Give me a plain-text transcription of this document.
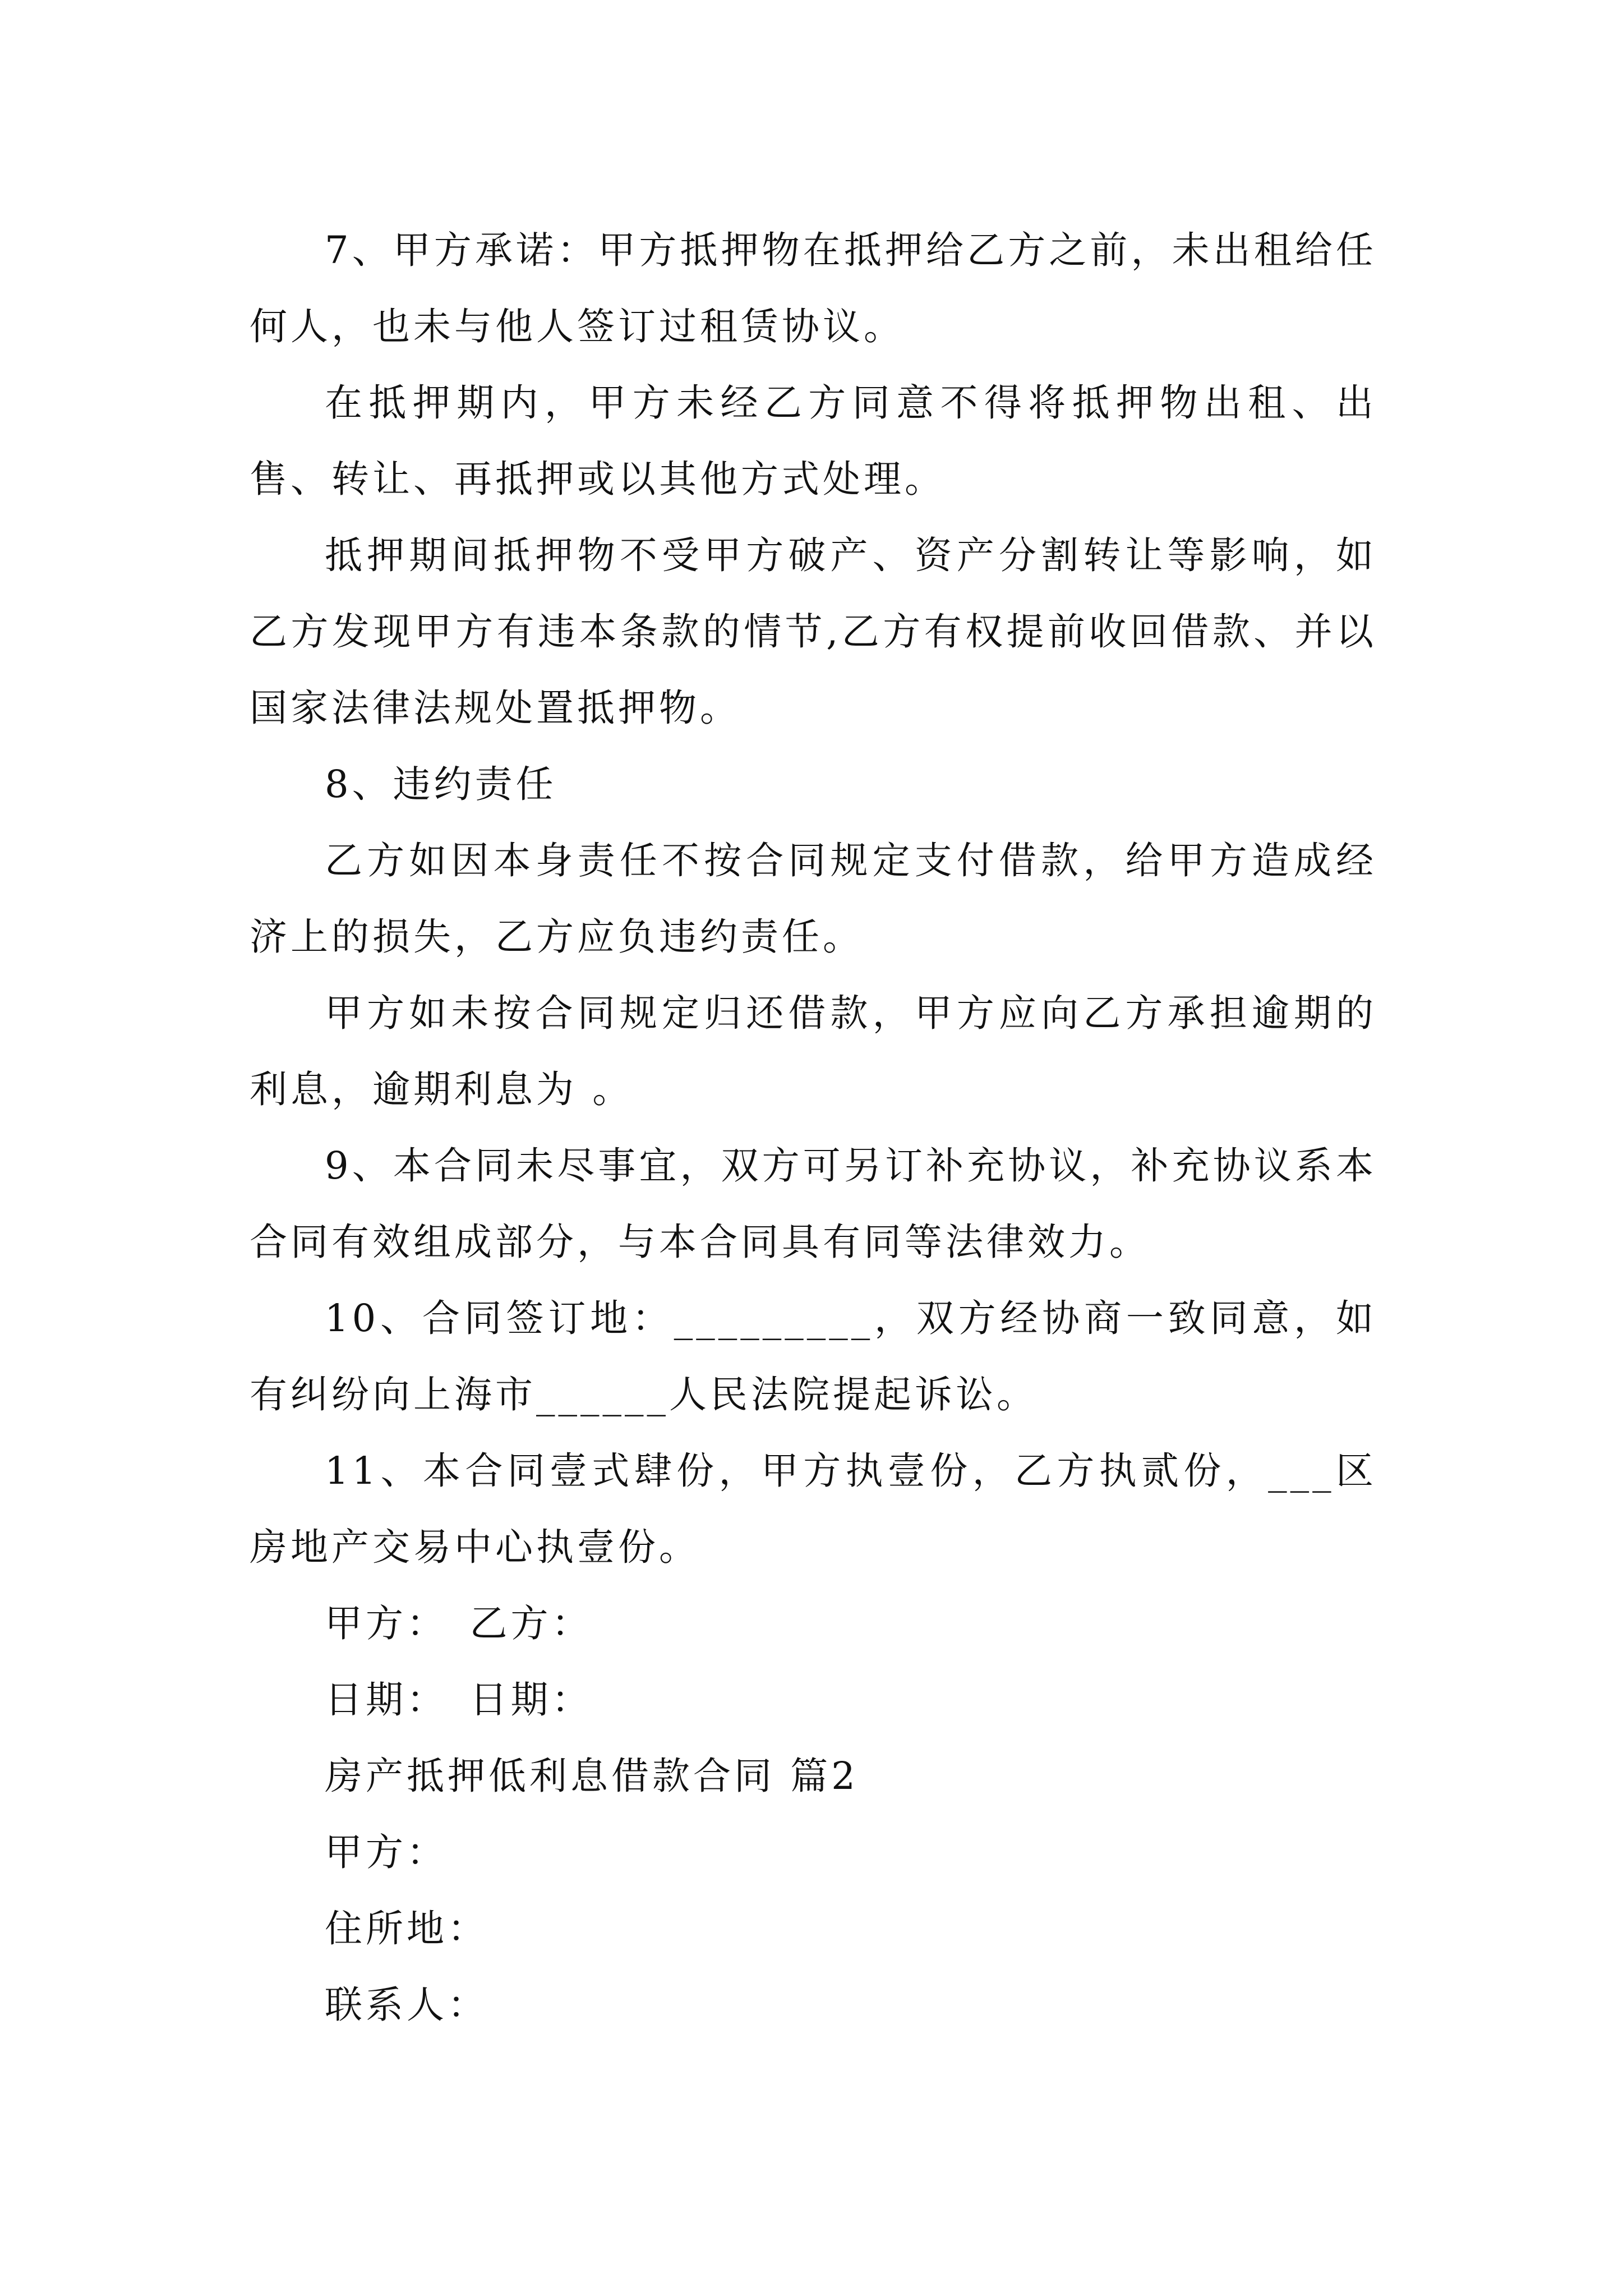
7、甲方承诺：甲方抵押物在抵押给乙方之前，未出租给任何人，也未与他人签订过租赁协议。

在抵押期内，甲方未经乙方同意不得将抵押物出租、出售、转让、再抵押或以其他方式处理。

抵押期间抵押物不受甲方破产、资产分割转让等影响，如乙方发现甲方有违本条款的情节,乙方有权提前收回借款、并以国家法律法规处置抵押物。

8、违约责任

乙方如因本身责任不按合同规定支付借款，给甲方造成经济上的损失，乙方应负违约责任。

甲方如未按合同规定归还借款，甲方应向乙方承担逾期的利息，逾期利息为 。

9、本合同未尽事宜，双方可另订补充协议，补充协议系本合同有效组成部分，与本合同具有同等法律效力。

10、合同签订地：_________，双方经协商一致同意，如有纠纷向上海市______人民法院提起诉讼。

11、本合同壹式肆份，甲方执壹份，乙方执贰份，___区房地产交易中心执壹份。

甲方：　乙方：

日期：　日期：

房产抵押低利息借款合同 篇2

甲方：

住所地：

联系人：
